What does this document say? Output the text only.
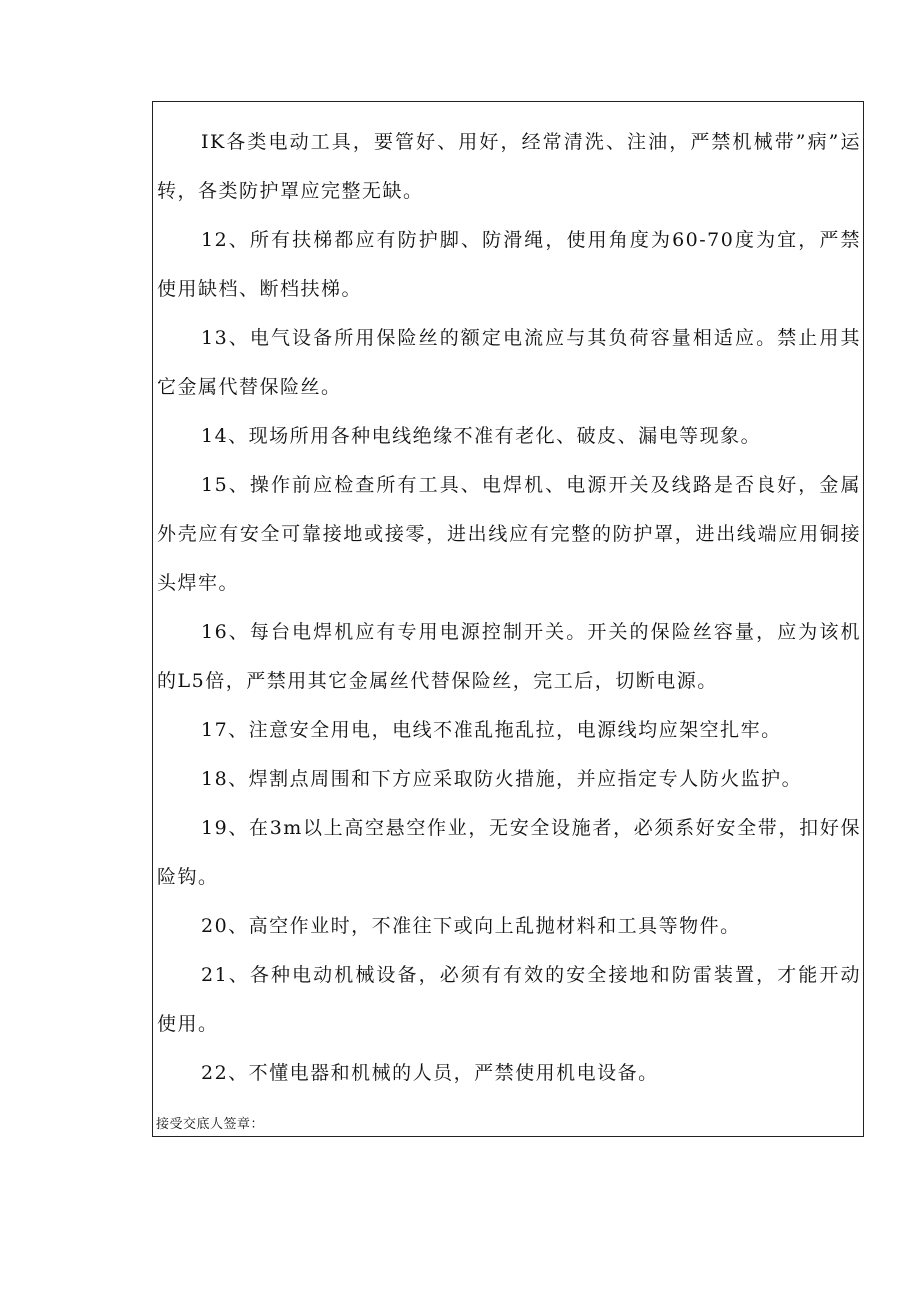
IK各类电动工具，要管好、用好，经常清洗、注油，严禁机械带”病”运转，各类防护罩应完整无缺。

12、所有扶梯都应有防护脚、防滑绳，使用角度为60-70度为宜，严禁使用缺档、断档扶梯。

13、电气设备所用保险丝的额定电流应与其负荷容量相适应。禁止用其它金属代替保险丝。

14、现场所用各种电线绝缘不准有老化、破皮、漏电等现象。

15、操作前应检查所有工具、电焊机、电源开关及线路是否良好，金属外壳应有安全可靠接地或接零，进出线应有完整的防护罩，进出线端应用铜接头焊牢。

16、每台电焊机应有专用电源控制开关。开关的保险丝容量，应为该机的L5倍，严禁用其它金属丝代替保险丝，完工后，切断电源。

17、注意安全用电，电线不准乱拖乱拉，电源线均应架空扎牢。

18、焊割点周围和下方应采取防火措施，并应指定专人防火监护。

19、在3m以上高空悬空作业，无安全设施者，必须系好安全带，扣好保险钩。

20、高空作业时，不准往下或向上乱抛材料和工具等物件。

21、各种电动机械设备，必须有有效的安全接地和防雷装置，才能开动使用。

22、不懂电器和机械的人员，严禁使用机电设备。

接受交底人签章：
